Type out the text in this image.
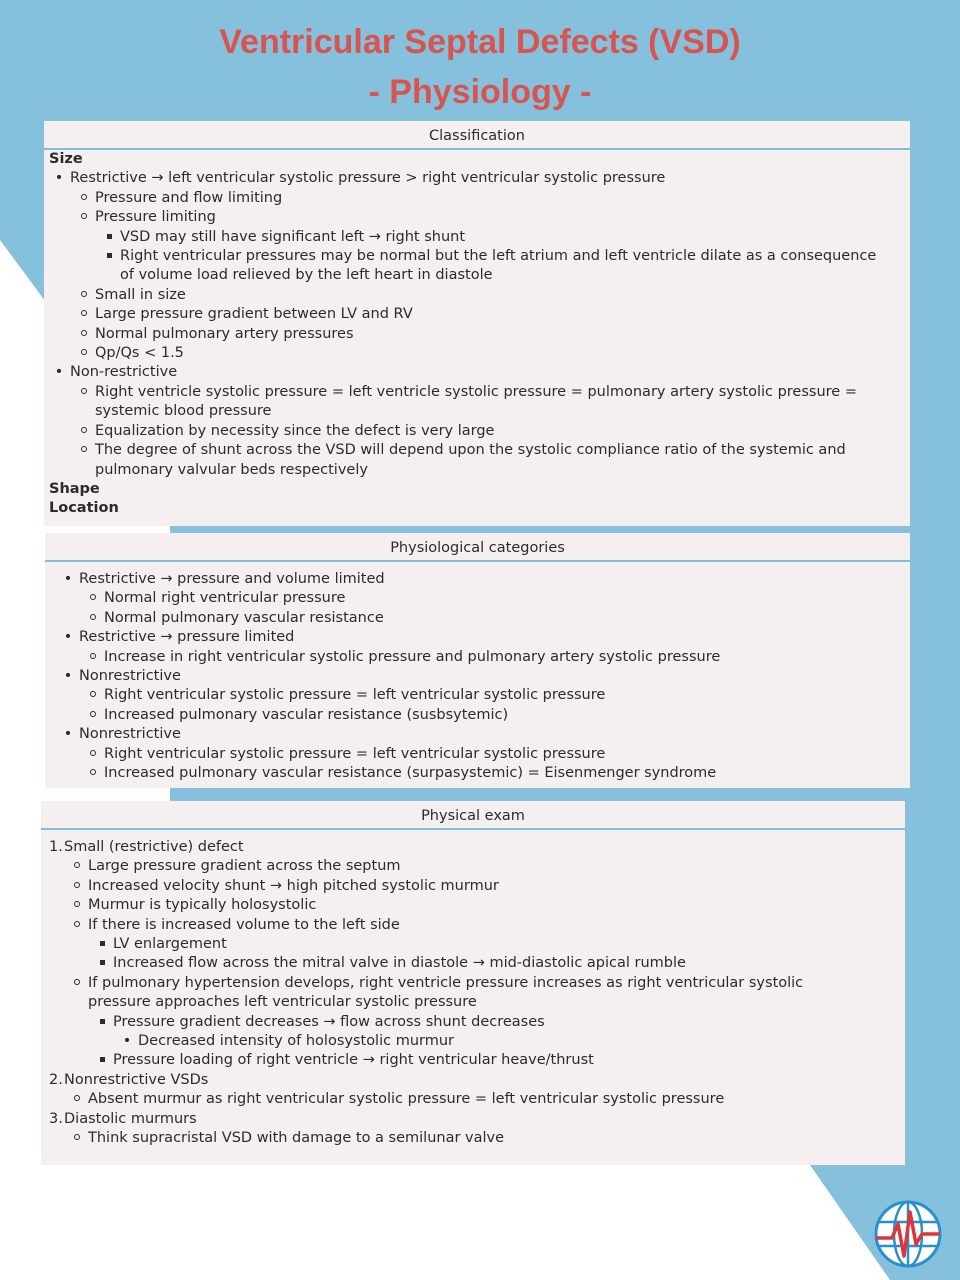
Ventricular Septal Defects (VSD)
- Physiology -
Classification
Size
•
Restrictive → left ventricular systolic pressure > right ventricular systolic pressure
Pressure and flow limiting
Pressure limiting
VSD may still have significant left → right shunt
Right ventricular pressures may be normal but the left atrium and left ventricle dilate as a consequence of volume load relieved by the left heart in diastole
Small in size
Large pressure gradient between LV and RV
Normal pulmonary artery pressures
Qp/Qs < 1.5
•
Non-restrictive
Right ventricle systolic pressure = left ventricle systolic pressure = pulmonary artery systolic pressure = systemic blood pressure
Equalization by necessity since the defect is very large
The degree of shunt across the VSD will depend upon the systolic compliance ratio of the systemic and pulmonary valvular beds respectively
Shape
Location
Physiological categories
•
Restrictive → pressure and volume limited
Normal right ventricular pressure
Normal pulmonary vascular resistance
•
Restrictive → pressure limited
Increase in right ventricular systolic pressure and pulmonary artery systolic pressure
•
Nonrestrictive
Right ventricular systolic pressure = left ventricular systolic pressure
Increased pulmonary vascular resistance (susbsytemic)
•
Nonrestrictive
Right ventricular systolic pressure = left ventricular systolic pressure
Increased pulmonary vascular resistance (surpasystemic) = Eisenmenger syndrome
Physical exam
1. Small (restrictive) defect
Large pressure gradient across the septum
Increased velocity shunt → high pitched systolic murmur
Murmur is typically holosystolic
If there is increased volume to the left side
LV enlargement
Increased flow across the mitral valve in diastole → mid-diastolic apical rumble
If pulmonary hypertension develops, right ventricle pressure increases as right ventricular systolic pressure approaches left ventricular systolic pressure
Pressure gradient decreases → flow across shunt decreases
•
Decreased intensity of holosystolic murmur
Pressure loading of right ventricle → right ventricular heave/thrust
2. Nonrestrictive VSDs
Absent murmur as right ventricular systolic pressure = left ventricular systolic pressure
3. Diastolic murmurs
Think supracristal VSD with damage to a semilunar valve
